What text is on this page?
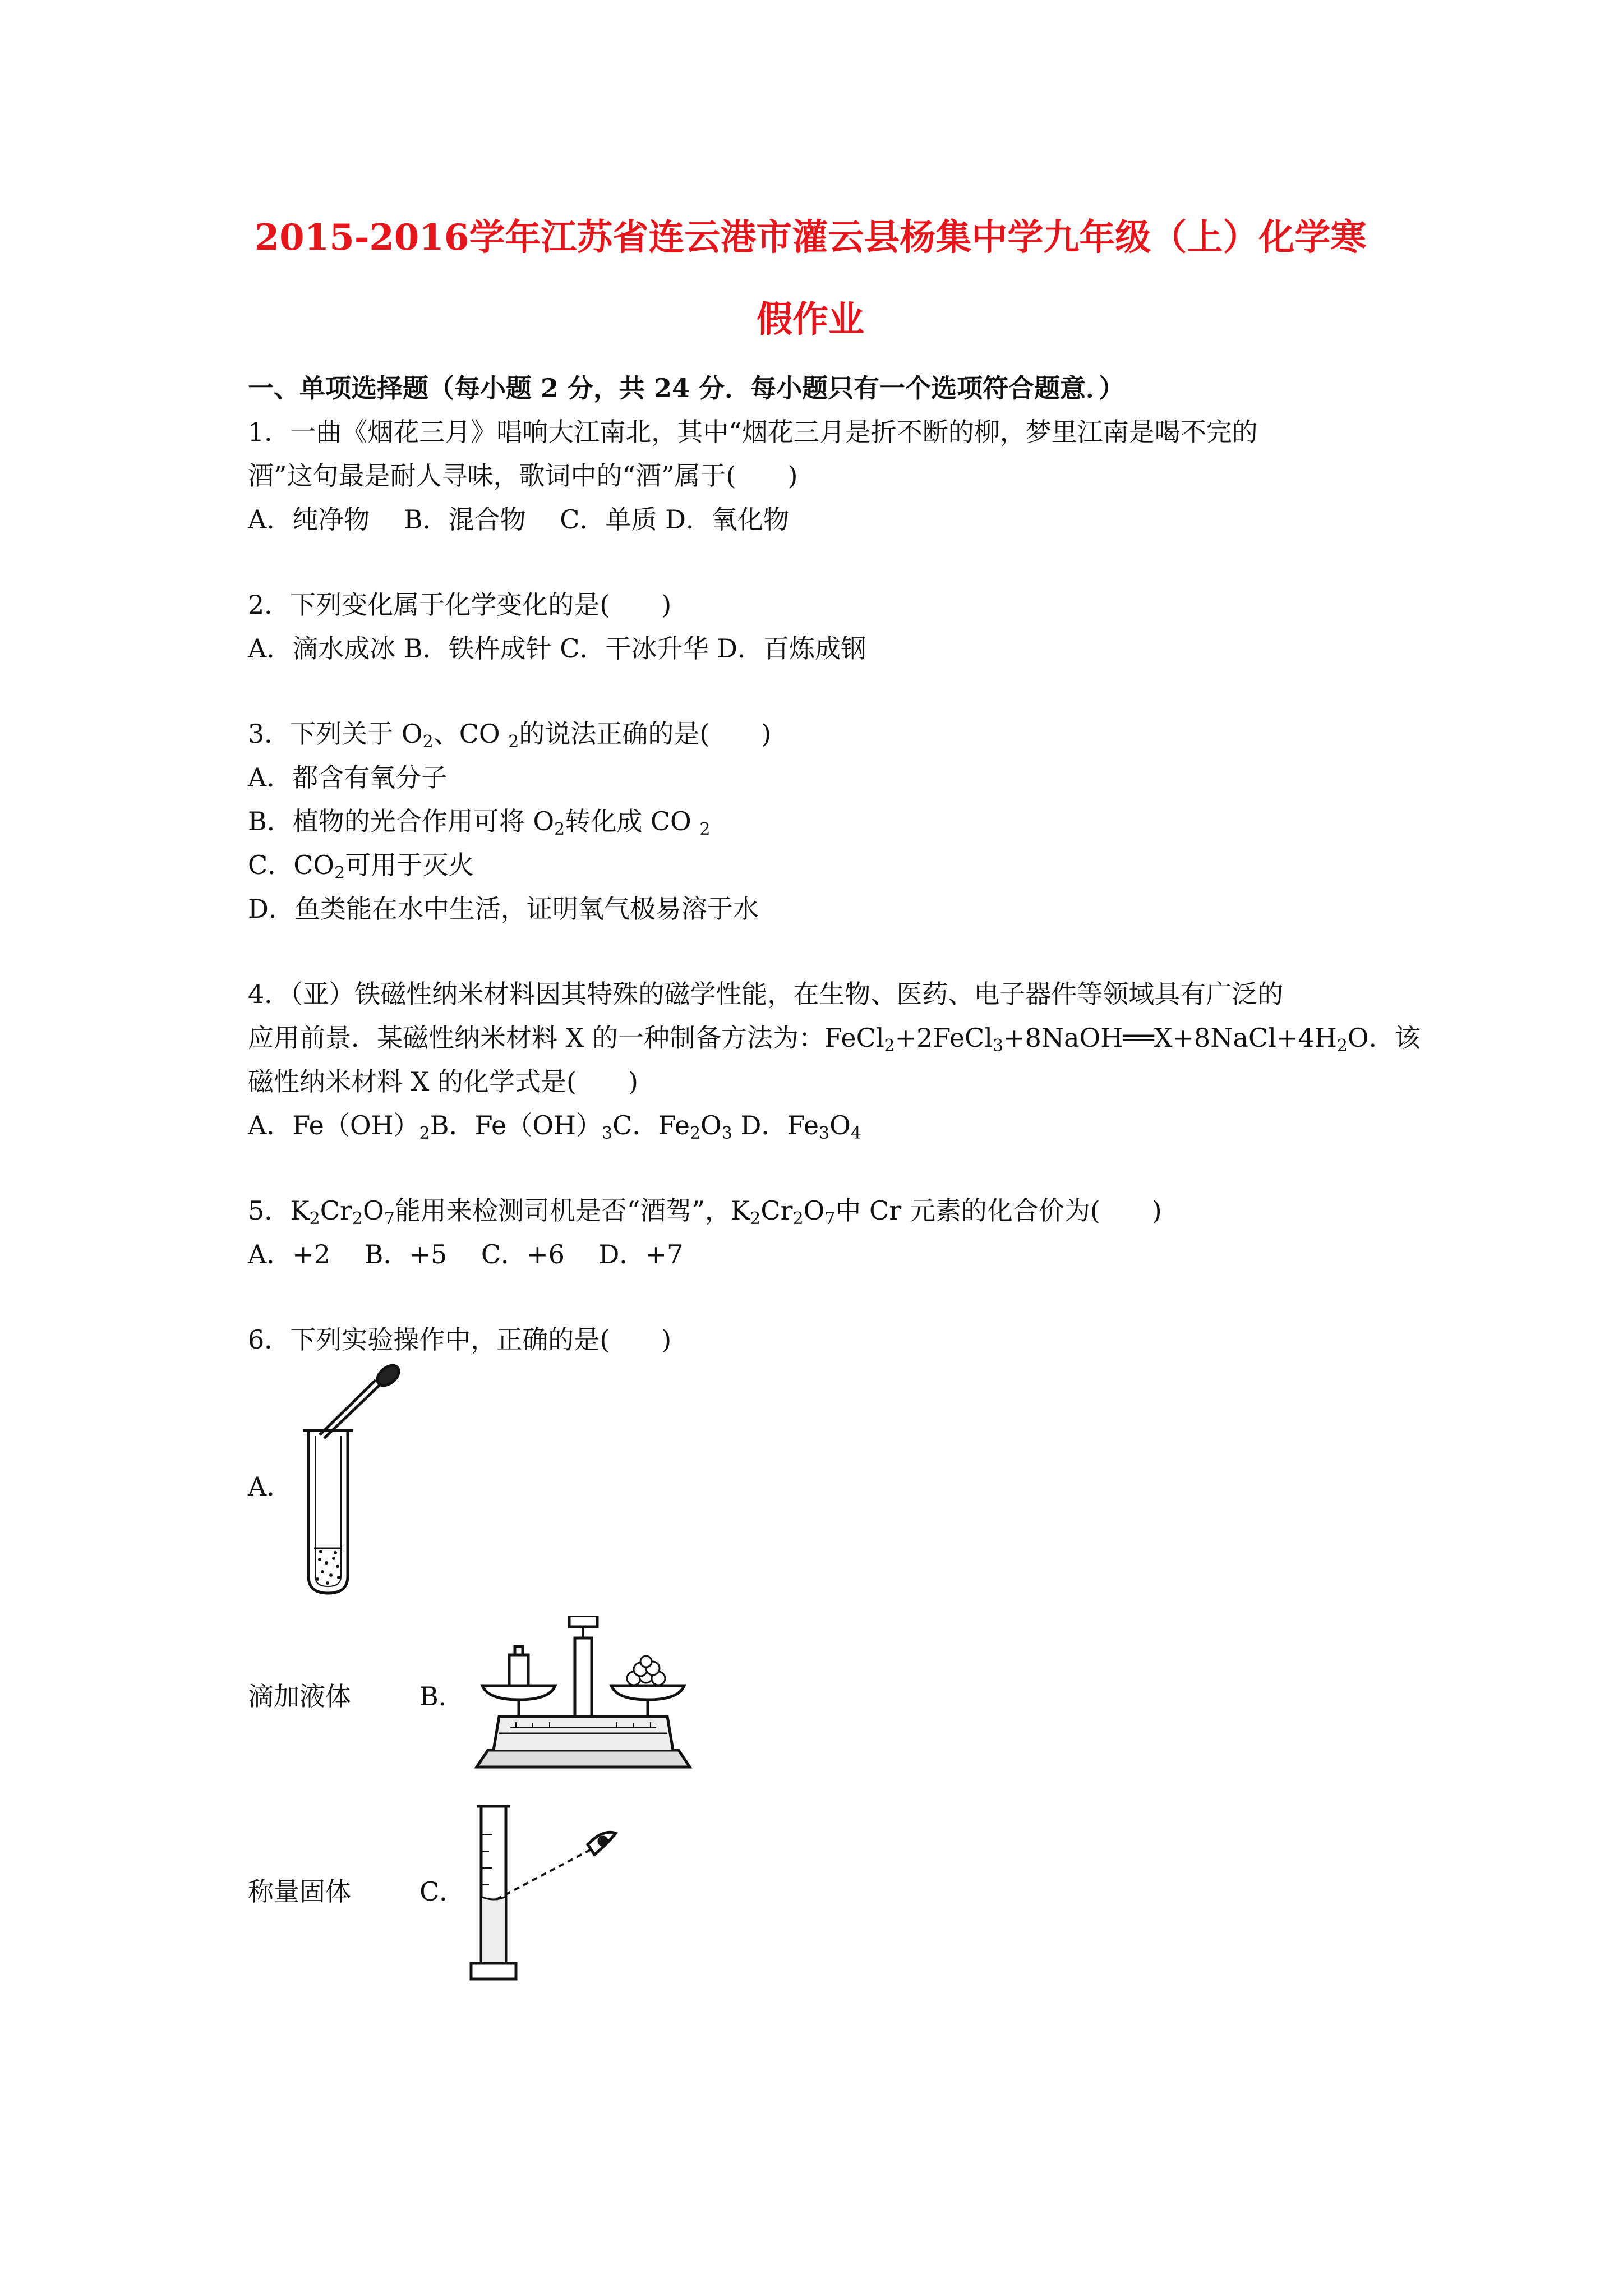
2015-2016学年江苏省连云港市灌云县杨集中学九年级（上）化学寒
假作业
一、单项选择题（每小题 2 分，共 24 分．每小题只有一个选项符合题意．）
1．一曲《烟花三月》唱响大江南北，其中“烟花三月是折不断的柳，梦里江南是喝不完的
酒”这句最是耐人寻味，歌词中的“酒”属于(　　)
A．纯净物　 B．混合物　 C．单质 D．氧化物
2．下列变化属于化学变化的是(　　)
A．滴水成冰 B．铁杵成针 C．干冰升华 D．百炼成钢
3．下列关于 $O_2$、CO $_2$的说法正确的是(　　)
A．都含有氧分子
B．植物的光合作用可将 $O_2$转化成 CO $_2$
C．$CO_2$可用于灭火
D．鱼类能在水中生活，证明氧气极易溶于水
4．（亚）铁磁性纳米材料因其特殊的磁学性能，在生物、医药、电子器件等领域具有广泛的
应用前景．某磁性纳米材料 X 的一种制备方法为：$FeCl_2+2FeCl_3+8NaOH══X+8NaCl+4H_2O$．该
磁性纳米材料 X 的化学式是(　　)
A．$Fe(OH)_2B$．$Fe(OH)_3C$．$Fe_2O_3$ D．$Fe_3O_4$
5．$K_2Cr_2O_7$能用来检测司机是否“酒驾”，$K_2Cr_2O_7$中 Cr 元素的化合价为(　　)
A．+2　 B．+5　 C．+6　 D．+7
6．下列实验操作中，正确的是(　　)
A．
滴加液体	B．
称量固体	C．
